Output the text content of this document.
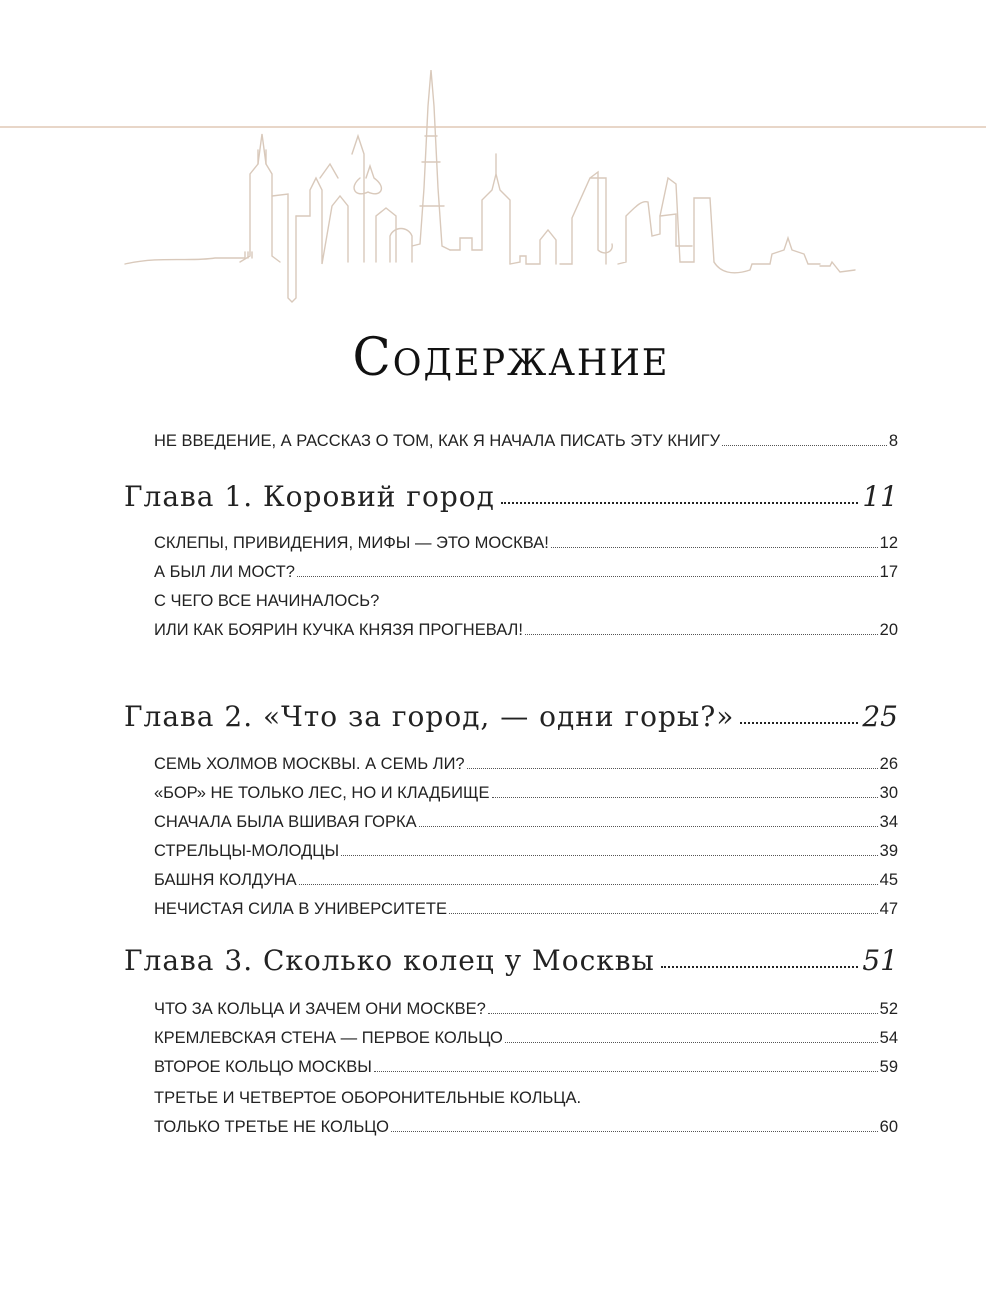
Содержание
НЕ ВВЕДЕНИЕ, А РАССКАЗ О ТОМ, КАК Я НАЧАЛА ПИСАТЬ ЭТУ КНИГУ	8
Глава 1. Коровий город	11
СКЛЕПЫ, ПРИВИДЕНИЯ, МИФЫ — ЭТО МОСКВА!	12
А БЫЛ ЛИ МОСТ?	17
С ЧЕГО ВСЕ НАЧИНАЛОСЬ?
ИЛИ КАК БОЯРИН КУЧКА КНЯЗЯ ПРОГНЕВАЛ!	20
Глава 2. «Что за город, — одни горы?»	25
СЕМЬ ХОЛМОВ МОСКВЫ. А СЕМЬ ЛИ?	26
«БОР» НЕ ТОЛЬКО ЛЕС, НО И КЛАДБИЩЕ	30
СНАЧАЛА БЫЛА ВШИВАЯ ГОРКА	34
СТРЕЛЬЦЫ-МОЛОДЦЫ	39
БАШНЯ КОЛДУНА	45
НЕЧИСТАЯ СИЛА В УНИВЕРСИТЕТЕ	47
Глава 3. Сколько колец у Москвы	51
ЧТО ЗА КОЛЬЦА И ЗАЧЕМ ОНИ МОСКВЕ?	52
КРЕМЛЕВСКАЯ СТЕНА — ПЕРВОЕ КОЛЬЦО	54
ВТОРОЕ КОЛЬЦО МОСКВЫ	59
ТРЕТЬЕ И ЧЕТВЕРТОЕ ОБОРОНИТЕЛЬНЫЕ КОЛЬЦА.
ТОЛЬКО ТРЕТЬЕ НЕ КОЛЬЦО	60
